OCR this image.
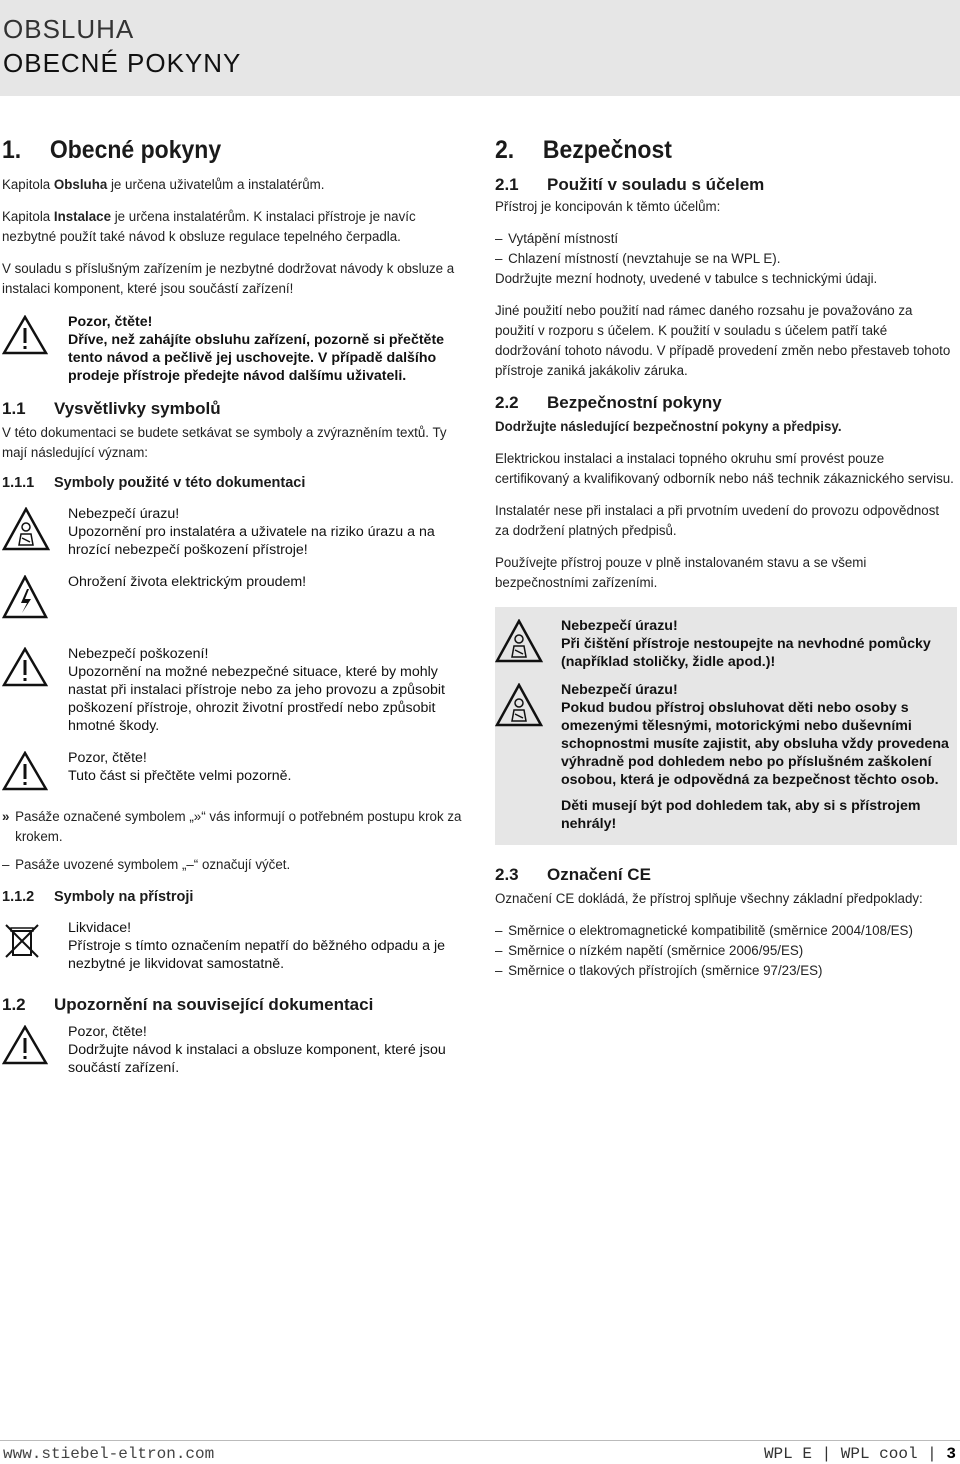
OBSLUHA
OBECNÉ POKYNY
1.	Obecné pokyny

Kapitola Obsluha je určena uživatelům a instalatérům.

Kapitola Instalace je určena instalatérům. K instalaci přístroje je navíc nezbytné použít také návod k obsluze regulace tepelného čerpadla.

V souladu s příslušným zařízením je nezbytné dodržovat návody k obsluze a instalaci komponent, které jsou součástí zařízení!

Pozor, čtěte!
Dříve, než zahájíte obsluhu zařízení, pozorně si přečtěte tento návod a pečlivě jej uschovejte. V případě dalšího prodeje přístroje předejte návod dalšímu uživateli.
1.1	Vysvětlivky symbolů

V této dokumentaci se budete setkávat se symboly a zvýrazněním textů. Ty mají následující význam:

1.1.1	Symboly použité v této dokumentaci
Nebezpečí úrazu!
Upozornění pro instalatéra a uživatele na riziko úrazu a na hrozící nebezpečí poškození přístroje!
Ohrožení života elektrickým proudem!
Nebezpečí poškození!
Upozornění na možné nebezpečné situace, které by mohly nastat při instalaci přístroje nebo za jeho provozu a způsobit poškození přístroje, ohrozit životní prostředí nebo způsobit hmotné škody.
Pozor, čtěte!
Tuto část si přečtěte velmi pozorně.
» Pasáže označené symbolem „»“ vás informují o potřebném postupu krok za krokem.
– Pasáže uvozené symbolem „–“ označují výčet.
1.1.2	Symboly na přístroji
Likvidace!
Přístroje s tímto označením nepatří do běžného odpadu a je nezbytné je likvidovat samostatně.
1.2	Upozornění na související dokumentaci
Pozor, čtěte!
Dodržujte návod k instalaci a obsluze komponent, které jsou součástí zařízení.
2.	Bezpečnost
2.1	Použití v souladu s účelem

Přístroj je koncipován k těmto účelům:

– Vytápění místností
– Chlazení místností (nevztahuje se na WPL E).

Dodržujte mezní hodnoty, uvedené v tabulce s technickými údaji.

Jiné použití nebo použití nad rámec daného rozsahu je považováno za použití v rozporu s účelem. K použití v souladu s účelem patří také dodržování tohoto návodu. V případě provedení změn nebo přestaveb tohoto přístroje zaniká jakákoliv záruka.

2.2	Bezpečnostní pokyny

Dodržujte následující bezpečnostní pokyny a předpisy.

Elektrickou instalaci a instalaci topného okruhu smí provést pouze certifikovaný a kvalifikovaný odborník nebo náš technik zákaznického servisu.

Instalatér nese při instalaci a při prvotním uvedení do provozu odpovědnost za dodržení platných předpisů.

Používejte přístroj pouze v plně instalovaném stavu a se všemi bezpečnostními zařízeními.

Nebezpečí úrazu!
Při čištění přístroje nestoupejte na nevhodné pomůcky (například stoličky, židle apod.)!
Nebezpečí úrazu!
Pokud budou přístroj obsluhovat děti nebo osoby s omezenými tělesnými, motorickými nebo duševními schopnostmi musíte zajistit, aby obsluha vždy provedena výhradně pod dohledem nebo po příslušném zaškolení osobou, která je odpovědná za bezpečnost těchto osob.
Děti musejí být pod dohledem tak, aby si s přístrojem nehrály!
2.3	Označení CE

Označení CE dokládá, že přístroj splňuje všechny základní předpoklady:

– Směrnice o elektromagnetické kompatibilitě (směrnice 2004/108/ES)
– Směrnice o nízkém napětí (směrnice 2006/95/ES)
– Směrnice o tlakových přístrojích (směrnice 97/23/ES)
www.stiebel-eltron.com	WPL E | WPL cool | 3
